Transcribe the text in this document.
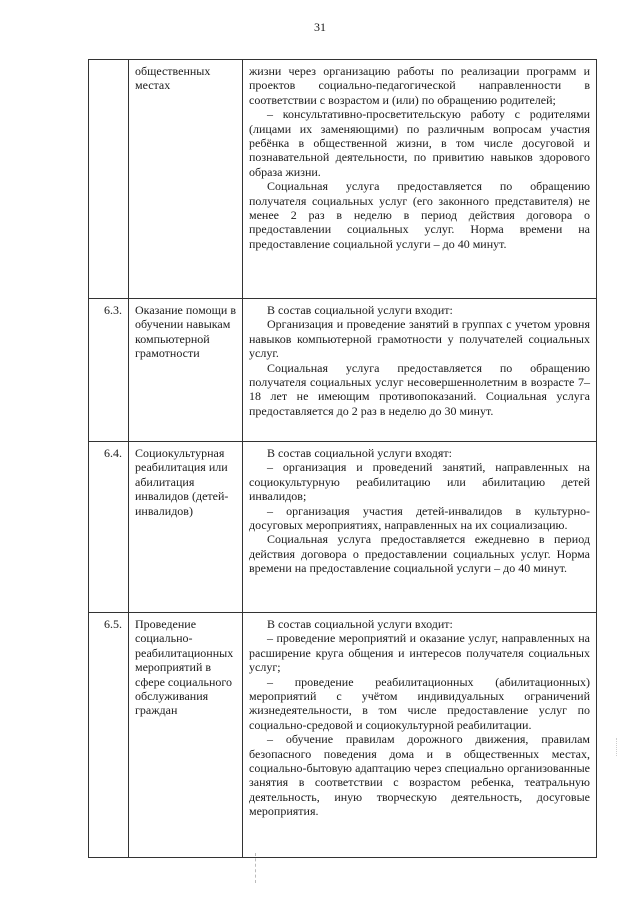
31
	общественных местах	жизни через организацию работы по реализации программ и проектов социально-педагогической направленности в соответствии с возрастом и (или) по обращению родителей;

– консультативно-просветительскую работу с родителями (лицами их заменяющими) по различным вопросам участия ребёнка в общественной жизни, в том числе досуговой и познавательной деятельности, по привитию навыков здорового образа жизни.

Социальная услуга предоставляется по обращению получателя социальных услуг (его законного представителя) не менее 2 раз в неделю в период действия договора о предоставлении социальных услуг. Норма времени на предоставление социальной услуги – до 40 минут.

6.3.	Оказание помощи в обучении навыкам компьютерной грамотности	В состав социальной услуги входит:

Организация и проведение занятий в группах с учетом уровня навыков компьютерной грамотности у получателей социальных услуг.

Социальная услуга предоставляется по обращению получателя социальных услуг несовершеннолетним в возрасте 7–18 лет не имеющим противопоказаний. Социальная услуга предоставляется до 2 раз в неделю до 30 минут.

6.4.	Социокультурная реабилитация или абилитация инвалидов (детей-инвалидов)	В состав социальной услуги входят:

– организация и проведений занятий, направленных на социокультурную реабилитацию или абилитацию детей инвалидов;

– организация участия детей-инвалидов в культурно-досуговых мероприятиях, направленных на их социализацию.

Социальная услуга предоставляется ежедневно в период действия договора о предоставлении социальных услуг. Норма времени на предоставление социальной услуги – до 40 минут.

6.5.	Проведение социально-реабилитационных мероприятий в сфере социального обслуживания граждан	В состав социальной услуги входит:

– проведение мероприятий и оказание услуг, направленных на расширение круга общения и интересов получателя социальных услуг;

– проведение реабилитационных (абилитационных) мероприятий с учётом индивидуальных ограничений жизнедеятельности, в том числе предоставление услуг по социально-средовой и социокультурной реабилитации.

– обучение правилам дорожного движения, правилам безопасного поведения дома и в общественных местах, социально-бытовую адаптацию через специально организованные занятия в соответствии с возрастом ребенка, театральную деятельность, иную творческую деятельность, досуговые мероприятия.
